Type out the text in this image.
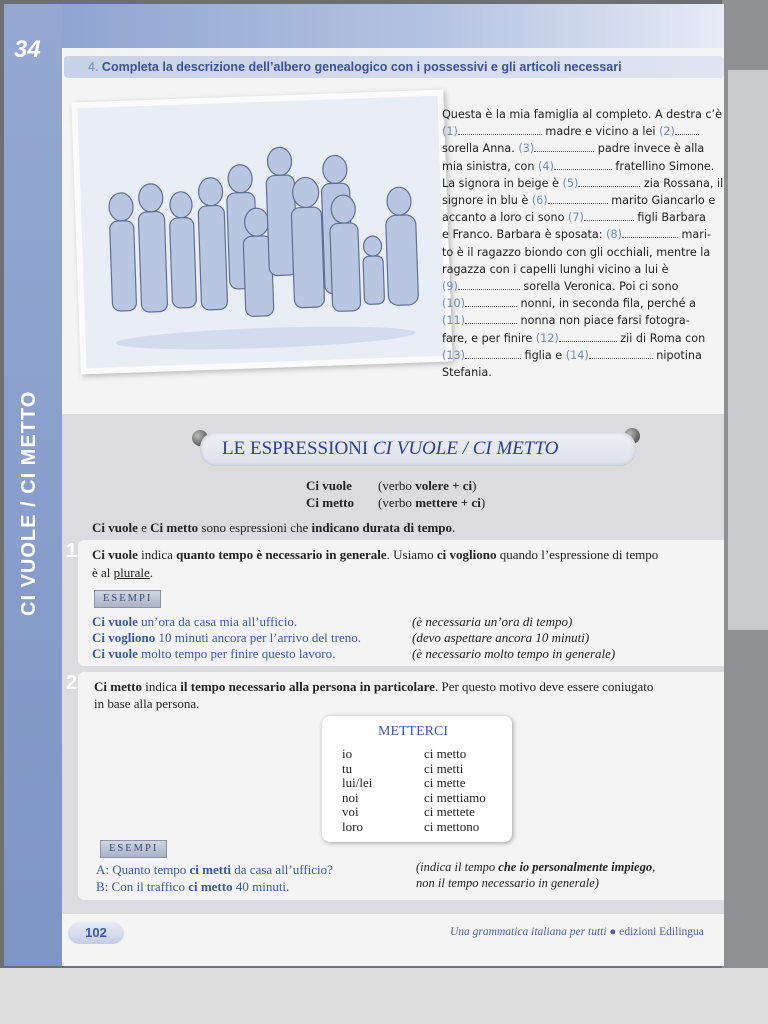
34
CI VUOLE / CI METTO
4. Completa la descrizione dell’albero genealogico con i possessivi e gli articoli necessari
Questa è la mia famiglia al completo. A destra c’è
(1)	madre e vicino a lei (2)
sorella Anna. (3)	padre invece è alla
mia sinistra, con (4)	fratellino Simone.
La signora in beige è (5)	zia Rossana, il
signore in blu è (6)	marito Giancarlo e
accanto a loro ci sono (7)	figli Barbara
e Franco. Barbara è sposata: (8)	mari-
to è il ragazzo biondo con gli occhiali, mentre la
ragazza con i capelli lunghi vicino a lui è
(9)	sorella Veronica. Poi ci sono
(10)	nonni, in seconda fila, perché a
(11)	nonna non piace farsi fotogra-
fare, e per finire (12)	zii di Roma con
(13)	figlia e (14)	nipotina
Stefania.
LE ESPRESSIONI CI VUOLE / CI METTO
Ci vuole (verbo volere + ci)
Ci metto (verbo mettere + ci)
Ci vuole e Ci metto sono espressioni che indicano durata di tempo.
1 Ci vuole indica quanto tempo è necessario in generale. Usiamo ci vogliono quando l’espressione di tempo
è al plurale.
ESEMPI
Ci vuole un’ora da casa mia all’ufficio.	(è necessaria un’ora di tempo)
Ci vogliono 10 minuti ancora per l’arrivo del treno.	(devo aspettare ancora 10 minuti)
Ci vuole molto tempo per finire questo lavoro.	(è necessario molto tempo in generale)
2 Ci metto indica il tempo necessario alla persona in particolare. Per questo motivo deve essere coniugato
in base alla persona.
METTERCI
io	ci metto
tu	ci metti
lui/lei	ci mette
noi	ci mettiamo
voi	ci mettete
loro	ci mettono
ESEMPI
A: Quanto tempo ci metti da casa all’ufficio?
B: Con il traffico ci metto 40 minuti.
(indica il tempo che io personalmente impiego,
non il tempo necessario in generale)
102	Una grammatica italiana per tutti ● edizioni Edilingua
